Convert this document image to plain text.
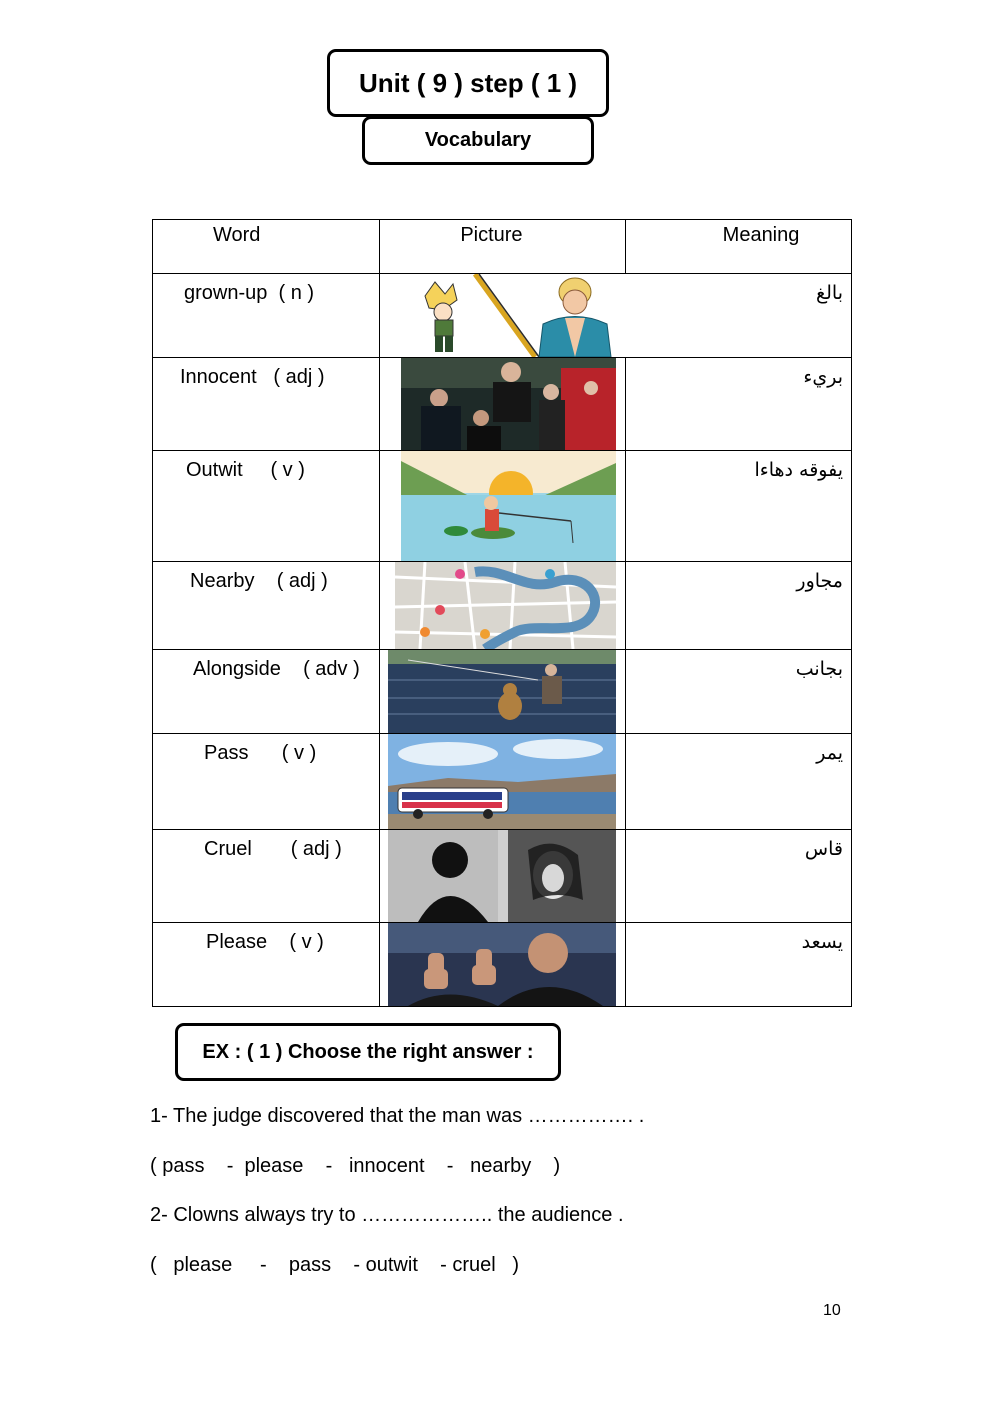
Unit ( 9 ) step ( 1 )
Vocabulary
Word	Picture	Meaning

grown-up  ( n )		بالغ

Innocent   ( adj )		بريء

Outwit     ( v )		يفوقه دهاءا

Nearby    ( adj )		مجاور

Alongside    ( adv )		بجانب

Pass      ( v )		يمر

Cruel       ( adj )		قاس

Please    ( v )		يسعد
EX : ( 1 ) Choose the right answer :
1- The judge discovered that the man was ……………. .
( pass    -  please    -   innocent    -   nearby    )
2- Clowns always try to ……………….. the audience .
(   please     -    pass    - outwit    - cruel   )
10
